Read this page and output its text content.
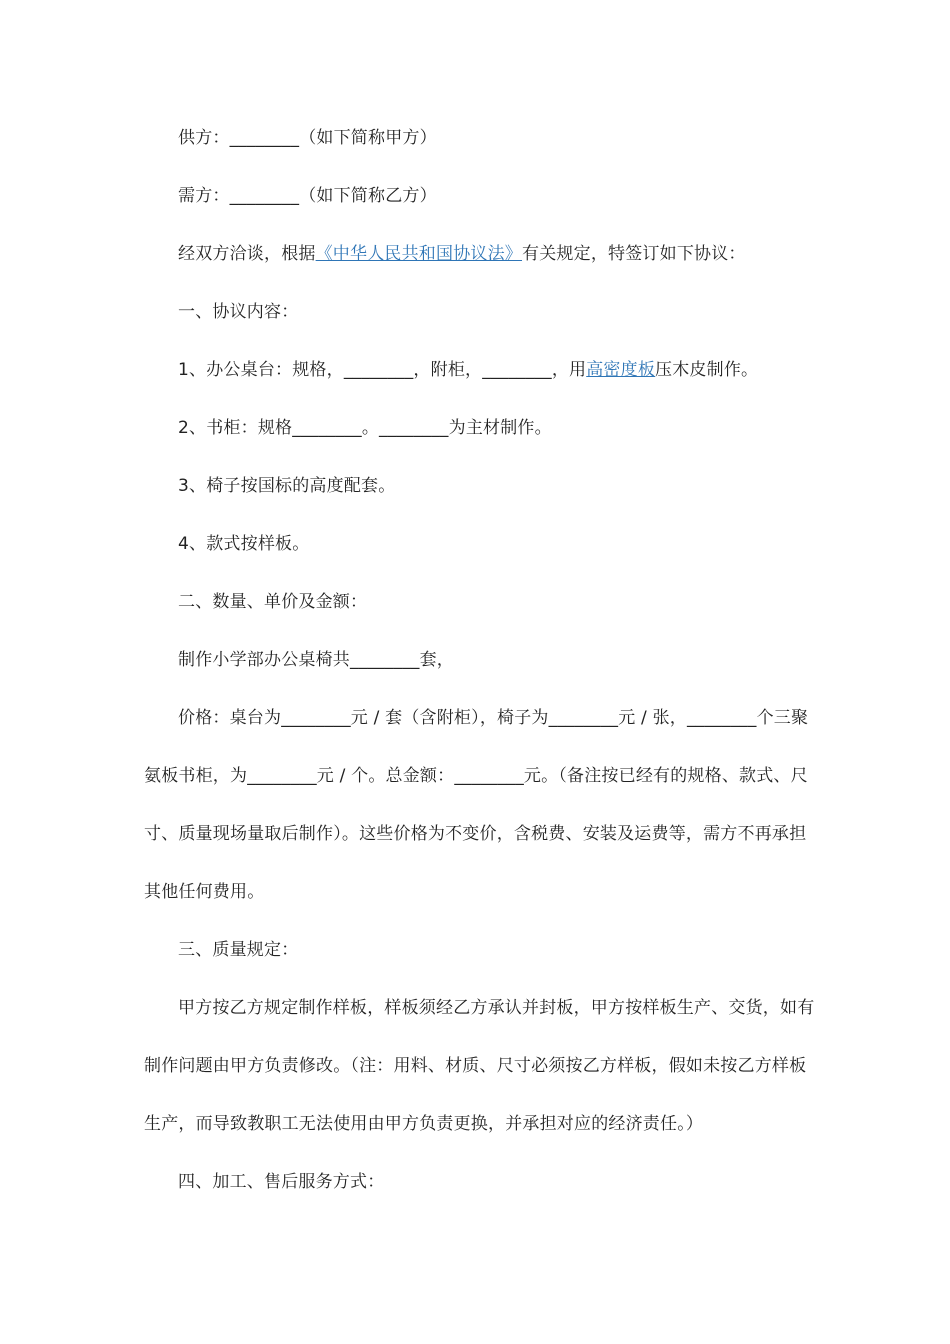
供方：________（如下简称甲方）
需方：________（如下简称乙方）
经双方洽谈，根据《中华人民共和国协议法》有关规定，特签订如下协议：
一、协议内容：
1、办公桌台：规格，________，附柜，________，用高密度板压木皮制作。
2、书柜：规格________。________为主材制作。
3、椅子按国标的高度配套。
4、款式按样板。
二、数量、单价及金额：
制作小学部办公桌椅共________套，
价格：桌台为________元 / 套（含附柜），椅子为________元 / 张，________个三聚
氨板书柜，为________元 / 个。总金额：________元。（备注按已经有的规格、款式、尺
寸、质量现场量取后制作）。这些价格为不变价，含税费、安装及运费等，需方不再承担
其他任何费用。
三、质量规定：
甲方按乙方规定制作样板，样板须经乙方承认并封板，甲方按样板生产、交货，如有
制作问题由甲方负责修改。（注：用料、材质、尺寸必须按乙方样板，假如未按乙方样板
生产，而导致教职工无法使用由甲方负责更换，并承担对应的经济责任。）
四、加工、售后服务方式：
